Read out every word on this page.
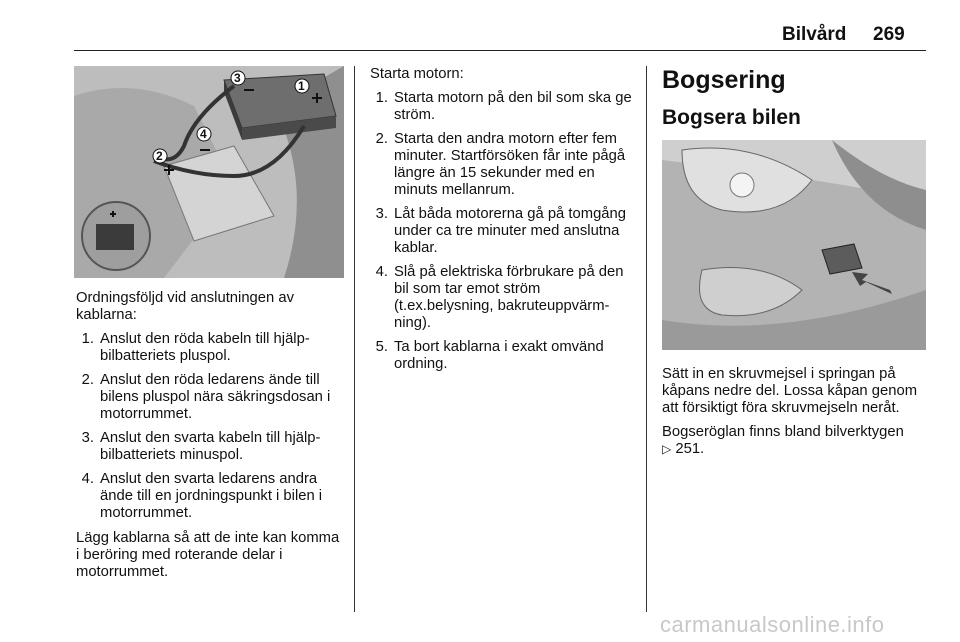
Bilvård 269
1
2
3
4

Ordningsföljd vid anslutningen av kablarna:

1. Anslut den röda kabeln till hjälp-bilbatteriets pluspol.
2. Anslut den röda ledarens ände till bilens pluspol nära säkringsdosan i motorrummet.
3. Anslut den svarta kabeln till hjälp-bilbatteriets minuspol.
4. Anslut den svarta ledarens andra ände till en jordningspunkt i bilen i motorrummet.

Lägg kablarna så att de inte kan komma i beröring med roterande delar i motorrummet.

Starta motorn:

1. Starta motorn på den bil som ska ge ström.
2. Starta den andra motorn efter fem minuter. Startförsöken får inte pågå längre än 15 sekunder med en minuts mellanrum.
3. Låt båda motorerna gå på tomgång under ca tre minuter med anslutna kablar.
4. Slå på elektriska förbrukare på den bil som tar emot ström (t.ex.belysning, bakruteuppvärm-ning).
5. Ta bort kablarna i exakt omvänd ordning.
Bogsering
Bogsera bilen

Sätt in en skruvmejsel i springan på kåpans nedre del. Lossa kåpan genom att försiktigt föra skruvmejseln neråt.

Bogseröglan finns bland bilverktygen
▷ 251.

carmanualsonline.info
